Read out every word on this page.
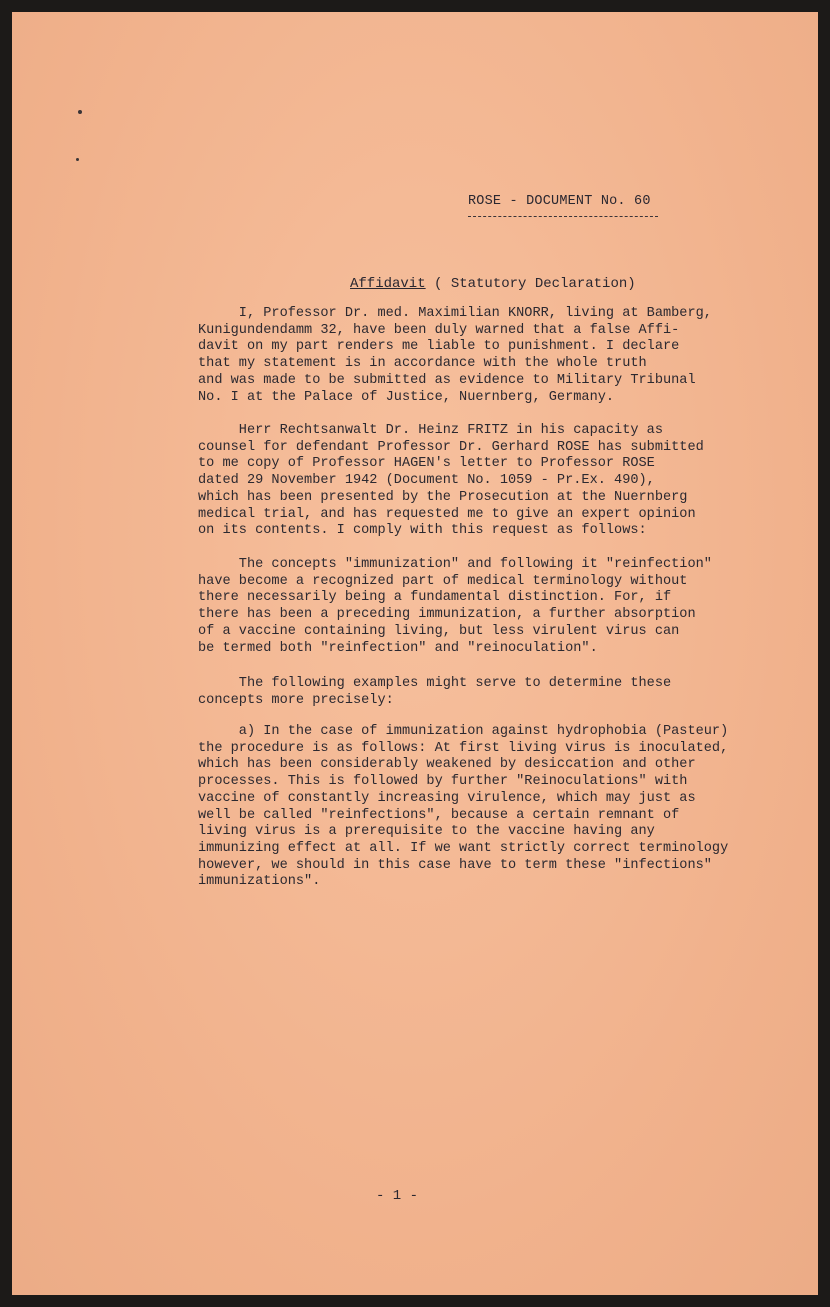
ROSE - DOCUMENT No. 60
Affidavit ( Statutory Declaration)
I, Professor Dr. med. Maximilian KNORR, living at Bamberg,
Kunigundendamm 32, have been duly warned that a false Affi-
davit on my part renders me liable to punishment. I declare
that my statement is in accordance with the whole truth
and was made to be submitted as evidence to Military Tribunal
No. I at the Palace of Justice, Nuernberg, Germany.
Herr Rechtsanwalt Dr. Heinz FRITZ in his capacity as
counsel for defendant Professor Dr. Gerhard ROSE has submitted
to me copy of Professor HAGEN's letter to Professor ROSE
dated 29 November 1942 (Document No. 1059 - Pr.Ex. 490),
which has been presented by the Prosecution at the Nuernberg
medical trial, and has requested me to give an expert opinion
on its contents. I comply with this request as follows:
The concepts "immunization" and following it "reinfection"
have become a recognized part of medical terminology without
there necessarily being a fundamental distinction. For, if
there has been a preceding immunization, a further absorption
of a vaccine containing living, but less virulent virus can
be termed both "reinfection" and "reinoculation".
The following examples might serve to determine these
concepts more precisely:
a) In the case of immunization against hydrophobia (Pasteur)
the procedure is as follows: At first living virus is inoculated,
which has been considerably weakened by desiccation and other
processes. This is followed by further "Reinoculations" with
vaccine of constantly increasing virulence, which may just as
well be called "reinfections", because a certain remnant of
living virus is a prerequisite to the vaccine having any
immunizing effect at all. If we want strictly correct terminology
however, we should in this case have to term these "infections"
immunizations".
- 1 -
